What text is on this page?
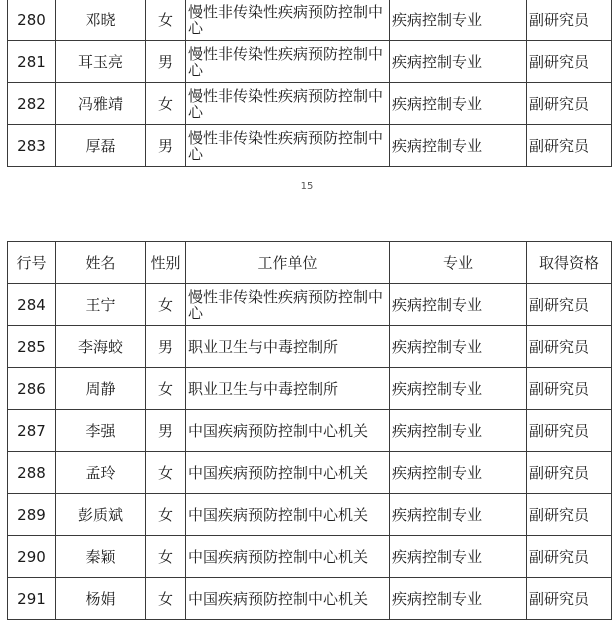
280	邓晓	女	慢性非传染性疾病预防控制中心	疾病控制专业	副研究员
281	耳玉亮	男	慢性非传染性疾病预防控制中心	疾病控制专业	副研究员
282	冯雅靖	女	慢性非传染性疾病预防控制中心	疾病控制专业	副研究员
283	厚磊	男	慢性非传染性疾病预防控制中心	疾病控制专业	副研究员
15
行号	姓名	性别	工作单位	专业	取得资格
284	王宁	女	慢性非传染性疾病预防控制中心	疾病控制专业	副研究员
285	李海蛟	男	职业卫生与中毒控制所	疾病控制专业	副研究员
286	周静	女	职业卫生与中毒控制所	疾病控制专业	副研究员
287	李强	男	中国疾病预防控制中心机关	疾病控制专业	副研究员
288	孟玲	女	中国疾病预防控制中心机关	疾病控制专业	副研究员
289	彭质斌	女	中国疾病预防控制中心机关	疾病控制专业	副研究员
290	秦颖	女	中国疾病预防控制中心机关	疾病控制专业	副研究员
291	杨娟	女	中国疾病预防控制中心机关	疾病控制专业	副研究员
